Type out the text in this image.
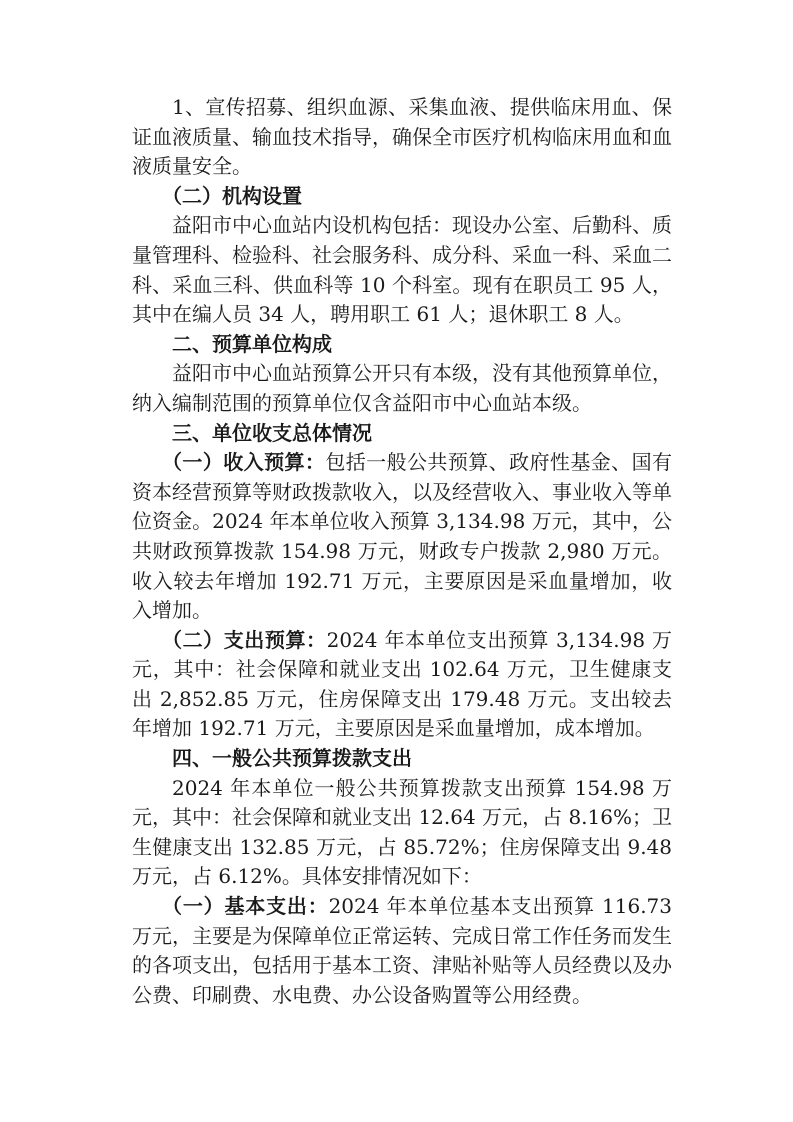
1、宣传招募、组织血源、采集血液、提供临床用血、保证血液质量、输血技术指导，确保全市医疗机构临床用血和血液质量安全。

（二）机构设置

益阳市中心血站内设机构包括：现设办公室、后勤科、质量管理科、检验科、社会服务科、成分科、采血一科、采血二科、采血三科、供血科等 10 个科室。现有在职员工 95 人，其中在编人员 34 人，聘用职工 61 人；退休职工 8 人。

二、预算单位构成

益阳市中心血站预算公开只有本级，没有其他预算单位，纳入编制范围的预算单位仅含益阳市中心血站本级。

三、单位收支总体情况

（一）收入预算：包括一般公共预算、政府性基金、国有资本经营预算等财政拨款收入，以及经营收入、事业收入等单位资金。2024 年本单位收入预算 3,134.98 万元，其中，公共财政预算拨款 154.98 万元，财政专户拨款 2,980 万元。收入较去年增加 192.71 万元，主要原因是采血量增加，收入增加。

（二）支出预算：2024 年本单位支出预算 3,134.98 万元，其中：社会保障和就业支出 102.64 万元，卫生健康支出 2,852.85 万元，住房保障支出 179.48 万元。支出较去年增加 192.71 万元，主要原因是采血量增加，成本增加。

四、一般公共预算拨款支出

2024 年本单位一般公共预算拨款支出预算 154.98 万元，其中：社会保障和就业支出 12.64 万元，占 8.16%；卫生健康支出 132.85 万元，占 85.72%；住房保障支出 9.48 万元，占 6.12%。具体安排情况如下：

（一）基本支出：2024 年本单位基本支出预算 116.73 万元，主要是为保障单位正常运转、完成日常工作任务而发生的各项支出，包括用于基本工资、津贴补贴等人员经费以及办公费、印刷费、水电费、办公设备购置等公用经费。
